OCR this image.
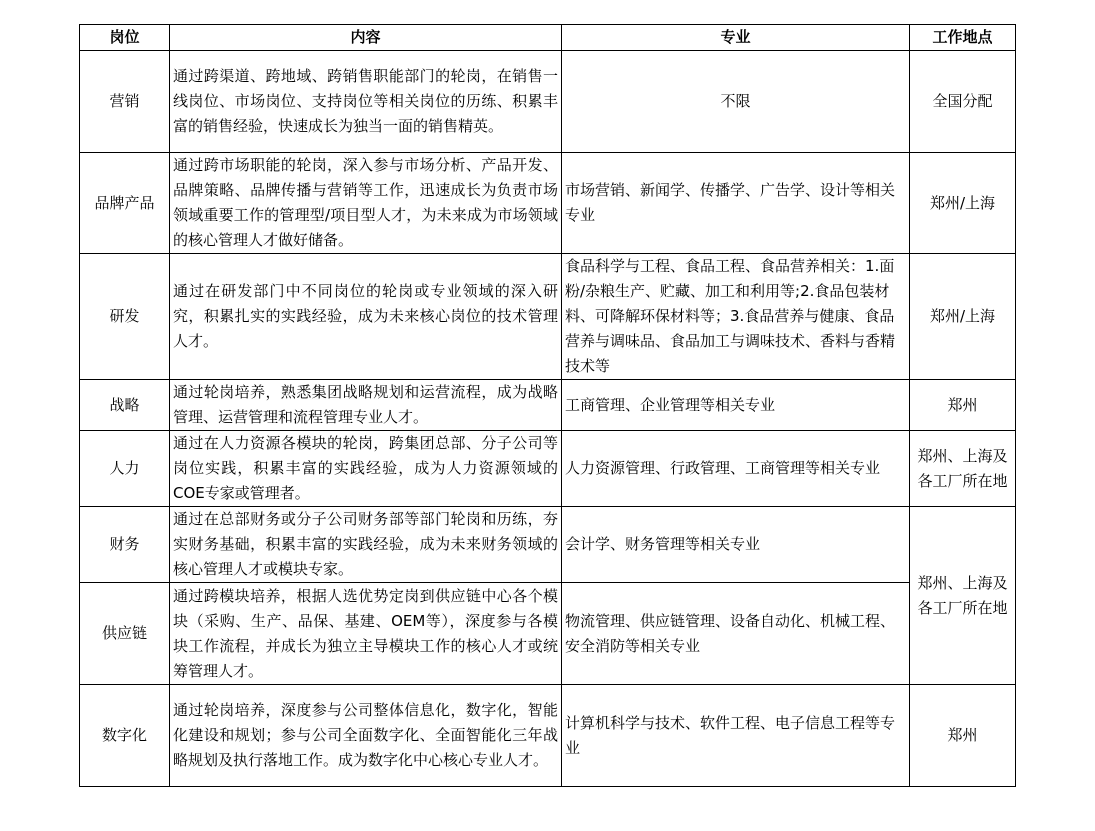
岗位	内容	专业	工作地点
营销	通过跨渠道、跨地域、跨销售职能部门的轮岗，在销售一线岗位、市场岗位、支持岗位等相关岗位的历练、积累丰富的销售经验，快速成长为独当一面的销售精英。	不限	全国分配
品牌产品	通过跨市场职能的轮岗，深入参与市场分析、产品开发、品牌策略、品牌传播与营销等工作，迅速成长为负责市场领域重要工作的管理型/项目型人才，为未来成为市场领域的核心管理人才做好储备。	市场营销、新闻学、传播学、广告学、设计等相关专业	郑州/上海
研发	通过在研发部门中不同岗位的轮岗或专业领域的深入研究，积累扎实的实践经验，成为未来核心岗位的技术管理人才。	食品科学与工程、食品工程、食品营养相关：1.面粉/杂粮生产、贮藏、加工和利用等;2.食品包装材料、可降解环保材料等；3.食品营养与健康、食品营养与调味品、食品加工与调味技术、香料与香精技术等	郑州/上海
战略	通过轮岗培养，熟悉集团战略规划和运营流程，成为战略管理、运营管理和流程管理专业人才。	工商管理、企业管理等相关专业	郑州
人力	通过在人力资源各模块的轮岗，跨集团总部、分子公司等岗位实践，积累丰富的实践经验，成为人力资源领域的COE专家或管理者。	人力资源管理、行政管理、工商管理等相关专业	郑州、上海及各工厂所在地
财务	通过在总部财务或分子公司财务部等部门轮岗和历练，夯实财务基础，积累丰富的实践经验，成为未来财务领域的核心管理人才或模块专家。	会计学、财务管理等相关专业	郑州、上海及各工厂所在地
供应链	通过跨模块培养，根据人选优势定岗到供应链中心各个模块（采购、生产、品保、基建、OEM等），深度参与各模块工作流程，并成长为独立主导模块工作的核心人才或统筹管理人才。	物流管理、供应链管理、设备自动化、机械工程、安全消防等相关专业	
数字化	通过轮岗培养，深度参与公司整体信息化，数字化，智能化建设和规划；参与公司全面数字化、全面智能化三年战略规划及执行落地工作。成为数字化中心核心专业人才。	计算机科学与技术、软件工程、电子信息工程等专业	郑州
